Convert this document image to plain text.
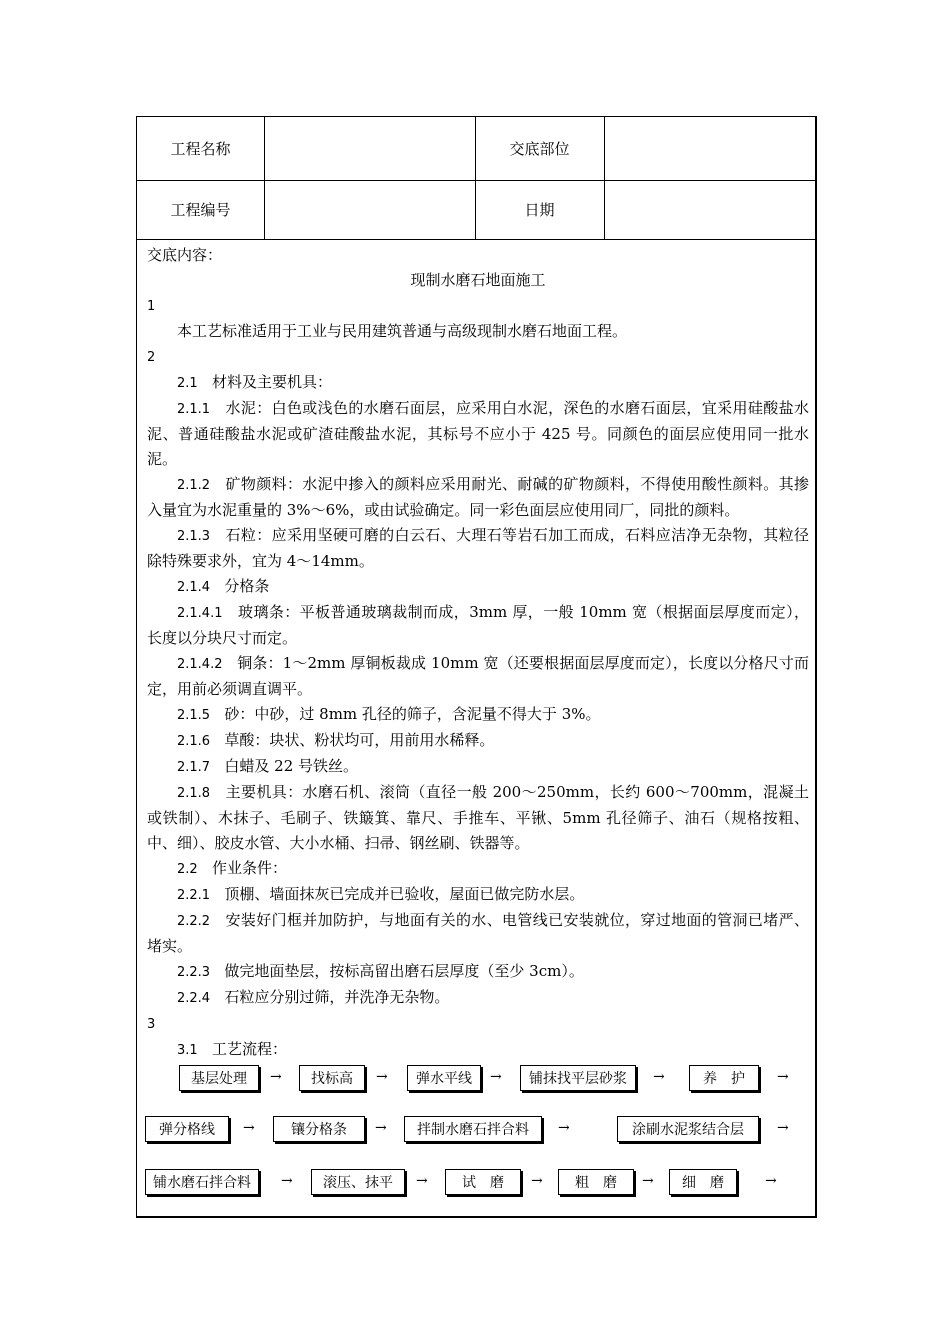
工程名称	交底部位
工程编号	日期

交底内容：

现制水磨石地面施工

1

本工艺标准适用于工业与民用建筑普通与高级现制水磨石地面工程。

2

2.1 材料及主要机具：

2.1.1 水泥：白色或浅色的水磨石面层，应采用白水泥，深色的水磨石面层，宜采用硅酸盐水泥、普通硅酸盐水泥或矿渣硅酸盐水泥，其标号不应小于 425 号。同颜色的面层应使用同一批水泥。

2.1.2 矿物颜料：水泥中掺入的颜料应采用耐光、耐碱的矿物颜料，不得使用酸性颜料。其掺入量宜为水泥重量的 3%～6%，或由试验确定。同一彩色面层应使用同厂，同批的颜料。

2.1.3 石粒：应采用坚硬可磨的白云石、大理石等岩石加工而成，石料应洁净无杂物，其粒径除特殊要求外，宜为 4～14mm。

2.1.4 分格条

2.1.4.1 玻璃条：平板普通玻璃裁制而成，3mm 厚，一般 10mm 宽（根据面层厚度而定），长度以分块尺寸而定。

2.1.4.2 铜条：1～2mm 厚铜板裁成 10mm 宽（还要根据面层厚度而定），长度以分格尺寸而定，用前必须调直调平。

2.1.5 砂：中砂，过 8mm 孔径的筛子，含泥量不得大于 3%。

2.1.6 草酸：块状、粉状均可，用前用水稀释。

2.1.7 白蜡及 22 号铁丝。

2.1.8 主要机具：水磨石机、滚筒（直径一般 200～250mm，长约 600～700mm，混凝土或铁制）、木抹子、毛刷子、铁簸箕、靠尺、手推车、平锹、5mm 孔径筛子、油石（规格按粗、中、细）、胶皮水管、大小水桶、扫帚、钢丝刷、铁器等。

2.2 作业条件：

2.2.1 顶棚、墙面抹灰已完成并已验收，屋面已做完防水层。

2.2.2 安装好门框并加防护，与地面有关的水、电管线已安装就位，穿过地面的管洞已堵严、堵实。

2.2.3 做完地面垫层，按标高留出磨石层厚度（至少 3cm）。

2.2.4 石粒应分别过筛，并洗净无杂物。

3

3.1 工艺流程：

基层处理	→	找标高	→	弹水平线	→	铺抹找平层砂浆	→	养　护	→
弹分格线	→	镶分格条	→	拌制水磨石拌合料	→	涂刷水泥浆结合层	→
铺水磨石拌合料	→	滚压、抹平	→	试　磨	→	粗　磨	→	细　磨	→
